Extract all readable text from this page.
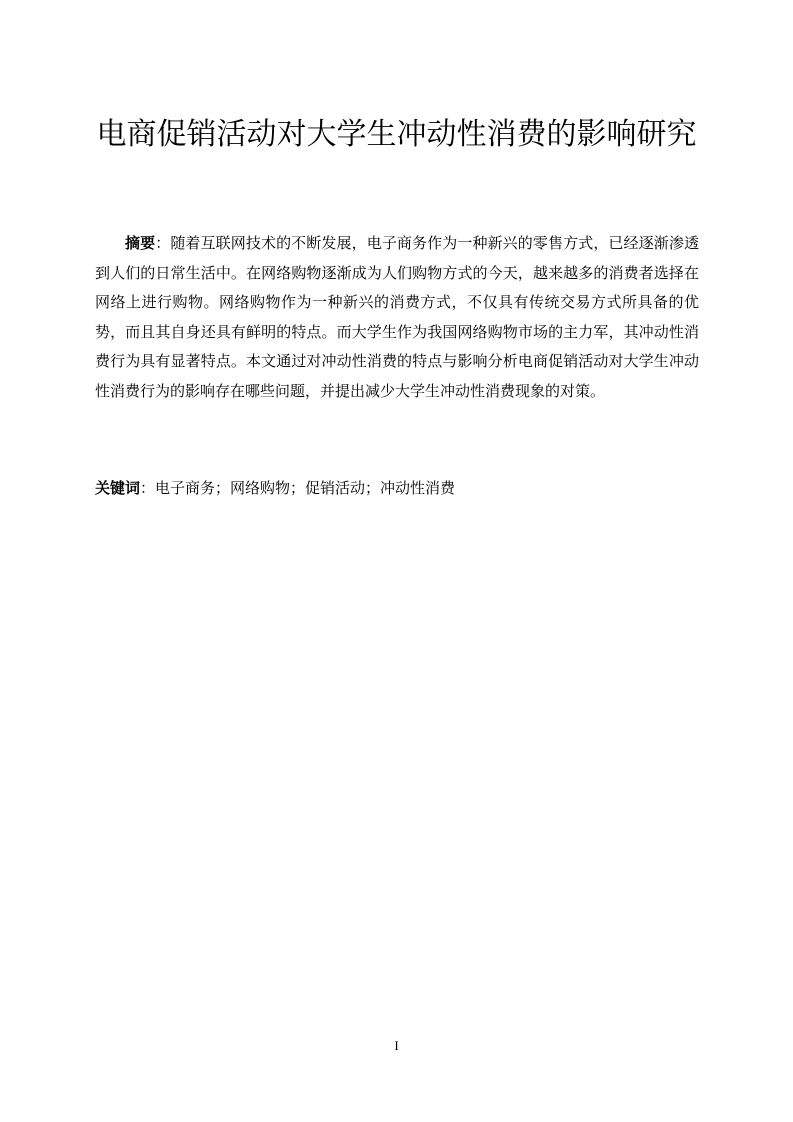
电商促销活动对大学生冲动性消费的影响研究

摘要：随着互联网技术的不断发展，电子商务作为一种新兴的零售方式，已经逐渐渗透到人们的日常生活中。在网络购物逐渐成为人们购物方式的今天，越来越多的消费者选择在网络上进行购物。网络购物作为一种新兴的消费方式，不仅具有传统交易方式所具备的优势，而且其自身还具有鲜明的特点。而大学生作为我国网络购物市场的主力军，其冲动性消费行为具有显著特点。本文通过对冲动性消费的特点与影响分析电商促销活动对大学生冲动性消费行为的影响存在哪些问题，并提出减少大学生冲动性消费现象的对策。

关键词：电子商务；网络购物；促销活动；冲动性消费

I
